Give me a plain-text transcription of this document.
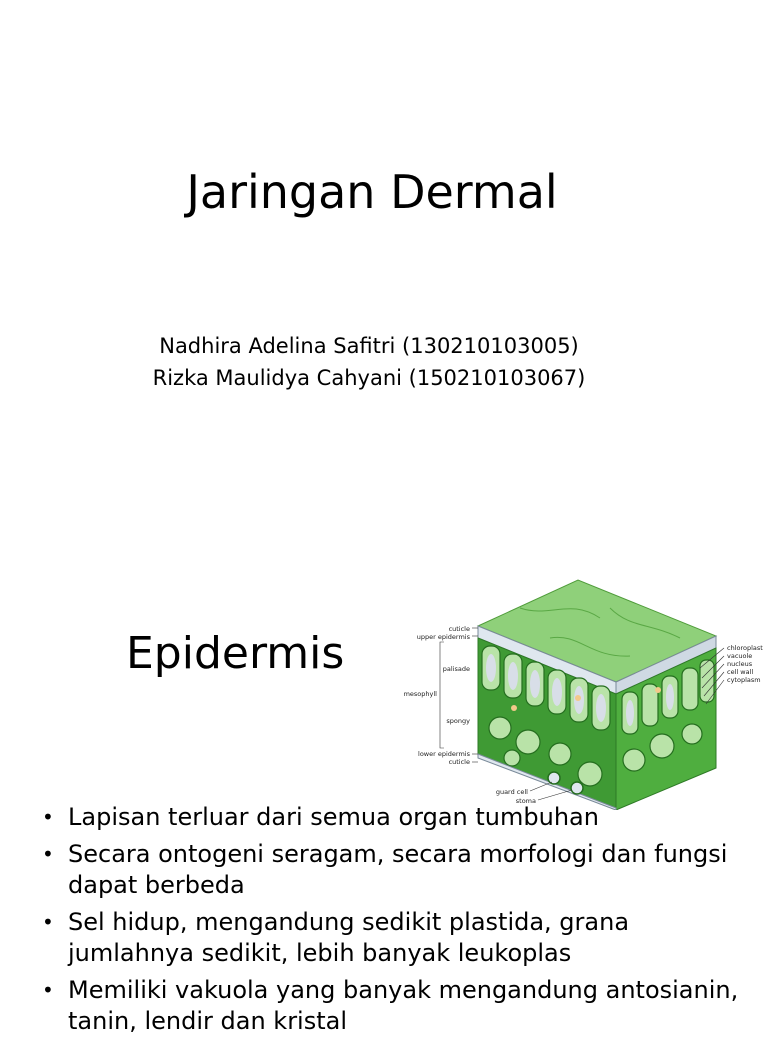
Jaringan Dermal
Nadhira Adelina Safitri (130210103005)
Rizka Maulidya Cahyani (150210103067)
Epidermis	cuticle
upper epidermis
palisade
mesophyll
spongy
lower epidermis
cuticle
chloroplast
vacuole
nucleus
cell wall
cytoplasm
guard cell
stoma
• Lapisan terluar dari semua organ tumbuhan
• Secara ontogeni seragam, secara morfologi dan fungsi dapat berbeda
• Sel hidup, mengandung sedikit plastida, grana jumlahnya sedikit, lebih banyak leukoplas
• Memiliki vakuola yang banyak mengandung antosianin, tanin, lendir dan kristal
